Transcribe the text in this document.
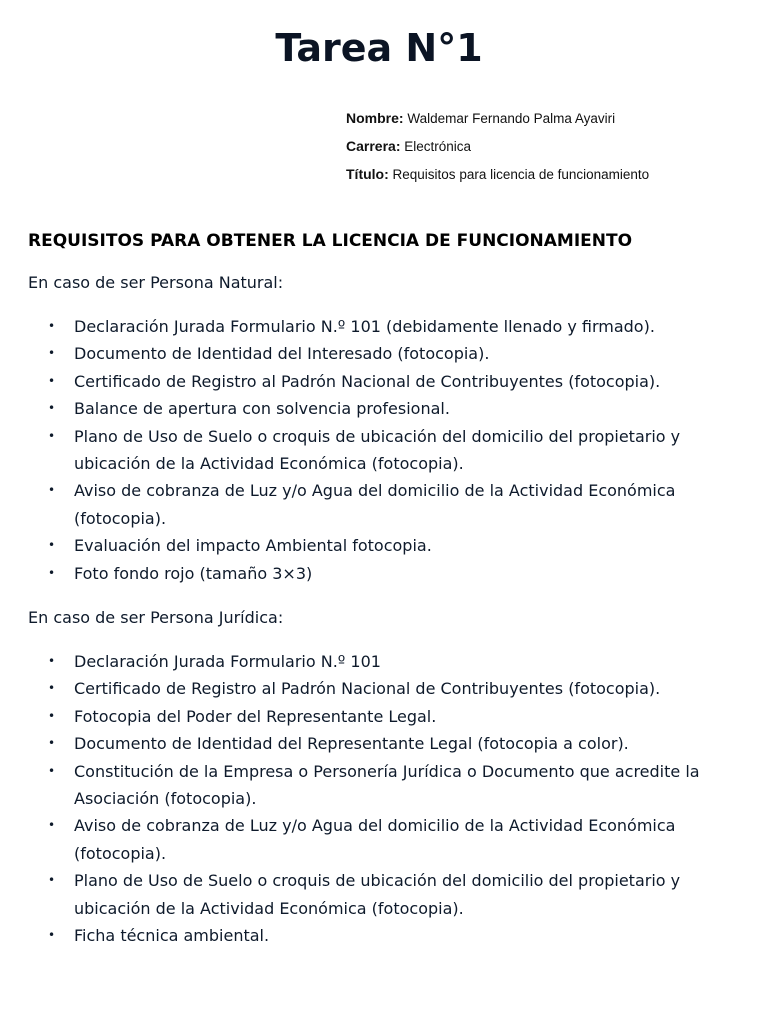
Tarea N°1
Nombre: Waldemar Fernando Palma Ayaviri
Carrera: Electrónica
Título: Requisitos para licencia de funcionamiento
REQUISITOS PARA OBTENER LA LICENCIA DE FUNCIONAMIENTO

En caso de ser Persona Natural:

• Declaración Jurada Formulario N.º 101 (debidamente llenado y firmado).
• Documento de Identidad del Interesado (fotocopia).
• Certificado de Registro al Padrón Nacional de Contribuyentes (fotocopia).
• Balance de apertura con solvencia profesional.
• Plano de Uso de Suelo o croquis de ubicación del domicilio del propietario y ubicación de la Actividad Económica (fotocopia).
• Aviso de cobranza de Luz y/o Agua del domicilio de la Actividad Económica (fotocopia).
• Evaluación del impacto Ambiental fotocopia.
• Foto fondo rojo (tamaño 3×3)

En caso de ser Persona Jurídica:

• Declaración Jurada Formulario N.º 101
• Certificado de Registro al Padrón Nacional de Contribuyentes (fotocopia).
• Fotocopia del Poder del Representante Legal.
• Documento de Identidad del Representante Legal (fotocopia a color).
• Constitución de la Empresa o Personería Jurídica o Documento que acredite la Asociación (fotocopia).
• Aviso de cobranza de Luz y/o Agua del domicilio de la Actividad Económica (fotocopia).
• Plano de Uso de Suelo o croquis de ubicación del domicilio del propietario y ubicación de la Actividad Económica (fotocopia).
• Ficha técnica ambiental.
